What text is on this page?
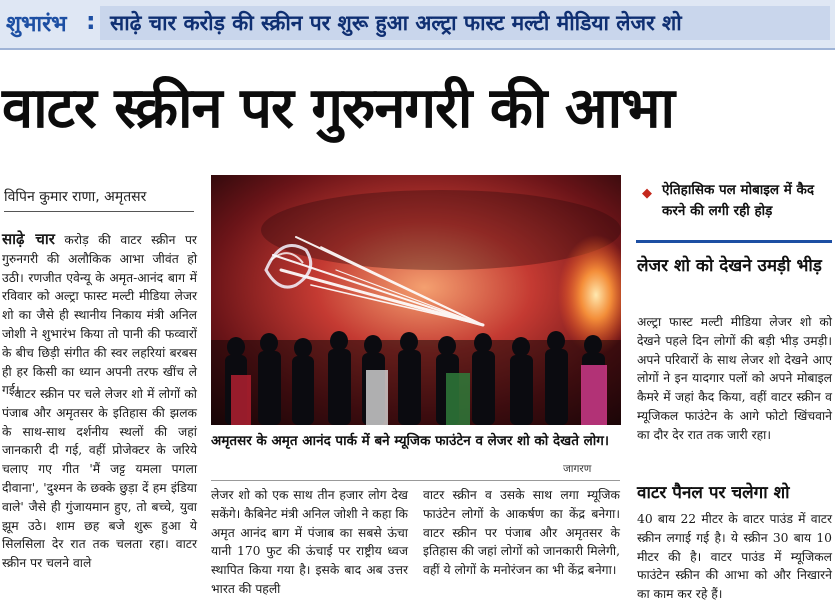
शुभारंभ : साढ़े चार करोड़ की स्क्रीन पर शुरू हुआ अल्ट्रा फास्ट मल्टी मीडिया लेजर शो
वाटर स्क्रीन पर गुरुनगरी की आभा
विपिन कुमार राणा, अमृतसर

साढ़े चार करोड़ की वाटर स्क्रीन पर गुरुनगरी की अलौकिक आभा जीवंत हो उठी। रणजीत एवेन्यू के अमृत-आनंद बाग में रविवार को अल्ट्रा फास्ट मल्टी मीडिया लेजर शो का जैसे ही स्थानीय निकाय मंत्री अनिल जोशी ने शुभारंभ किया तो पानी की फव्वारों के बीच छिड़ी संगीत की स्वर लहरियां बरबस ही हर किसी का ध्यान अपनी तरफ खींच ले गई।

वाटर स्क्रीन पर चले लेजर शो में लोगों को पंजाब और अमृतसर के इतिहास की झलक के साथ-साथ दर्शनीय स्थलों की जहां जानकारी दी गई, वहीं प्रोजेक्टर के जरिये चलाए गए गीत 'मैं जट्ट यमला पगला दीवाना', 'दुश्मन के छक्के छुड़ा दें हम इंडिया वाले' जैसे ही गुंजायमान हुए, तो बच्चे, युवा झूम उठे। शाम छह बजे शुरू हुआ ये सिलसिला देर रात तक चलता रहा। वाटर स्क्रीन पर चलने वाले

अमृतसर के अमृत आनंद पार्क में बने म्यूजिक फाउंटेन व लेजर शो को देखते लोग।
जागरण

लेजर शो को एक साथ तीन हजार लोग देख सकेंगे। कैबिनेट मंत्री अनिल जोशी ने कहा कि अमृत आनंद बाग में पंजाब का सबसे ऊंचा यानी 170 फुट की ऊंचाई पर राष्ट्रीय ध्वज स्थापित किया गया है। इसके बाद अब उत्तर भारत की पहली

वाटर स्क्रीन व उसके साथ लगा म्यूजिक फाउंटेन लोगों के आकर्षण का केंद्र बनेगा। वाटर स्क्रीन पर पंजाब और अमृतसर के इतिहास की जहां लोगों को जानकारी मिलेगी, वहीं ये लोगों के मनोरंजन का भी केंद्र बनेगा।

◆ ऐतिहासिक पल मोबाइल में कैद करने की लगी रही होड़
लेजर शो को देखने उमड़ी भीड़
अल्ट्रा फास्ट मल्टी मीडिया लेजर शो को देखने पहले दिन लोगों की बड़ी भीड़ उमड़ी। अपने परिवारों के साथ लेजर शो देखने आए लोगों ने इन यादगार पलों को अपने मोबाइल कैमरे में जहां कैद किया, वहीं वाटर स्क्रीन व म्यूजिकल फाउंटेन के आगे फोटो खिंचवाने का दौर देर रात तक जारी रहा।
वाटर पैनल पर चलेगा शो
40 बाय 22 मीटर के वाटर पाउंड में वाटर स्क्रीन लगाई गई है। ये स्क्रीन 30 बाय 10 मीटर की है। वाटर पाउंड में म्यूजिकल फाउंटेन स्क्रीन की आभा को और निखारने का काम कर रहे हैं।
